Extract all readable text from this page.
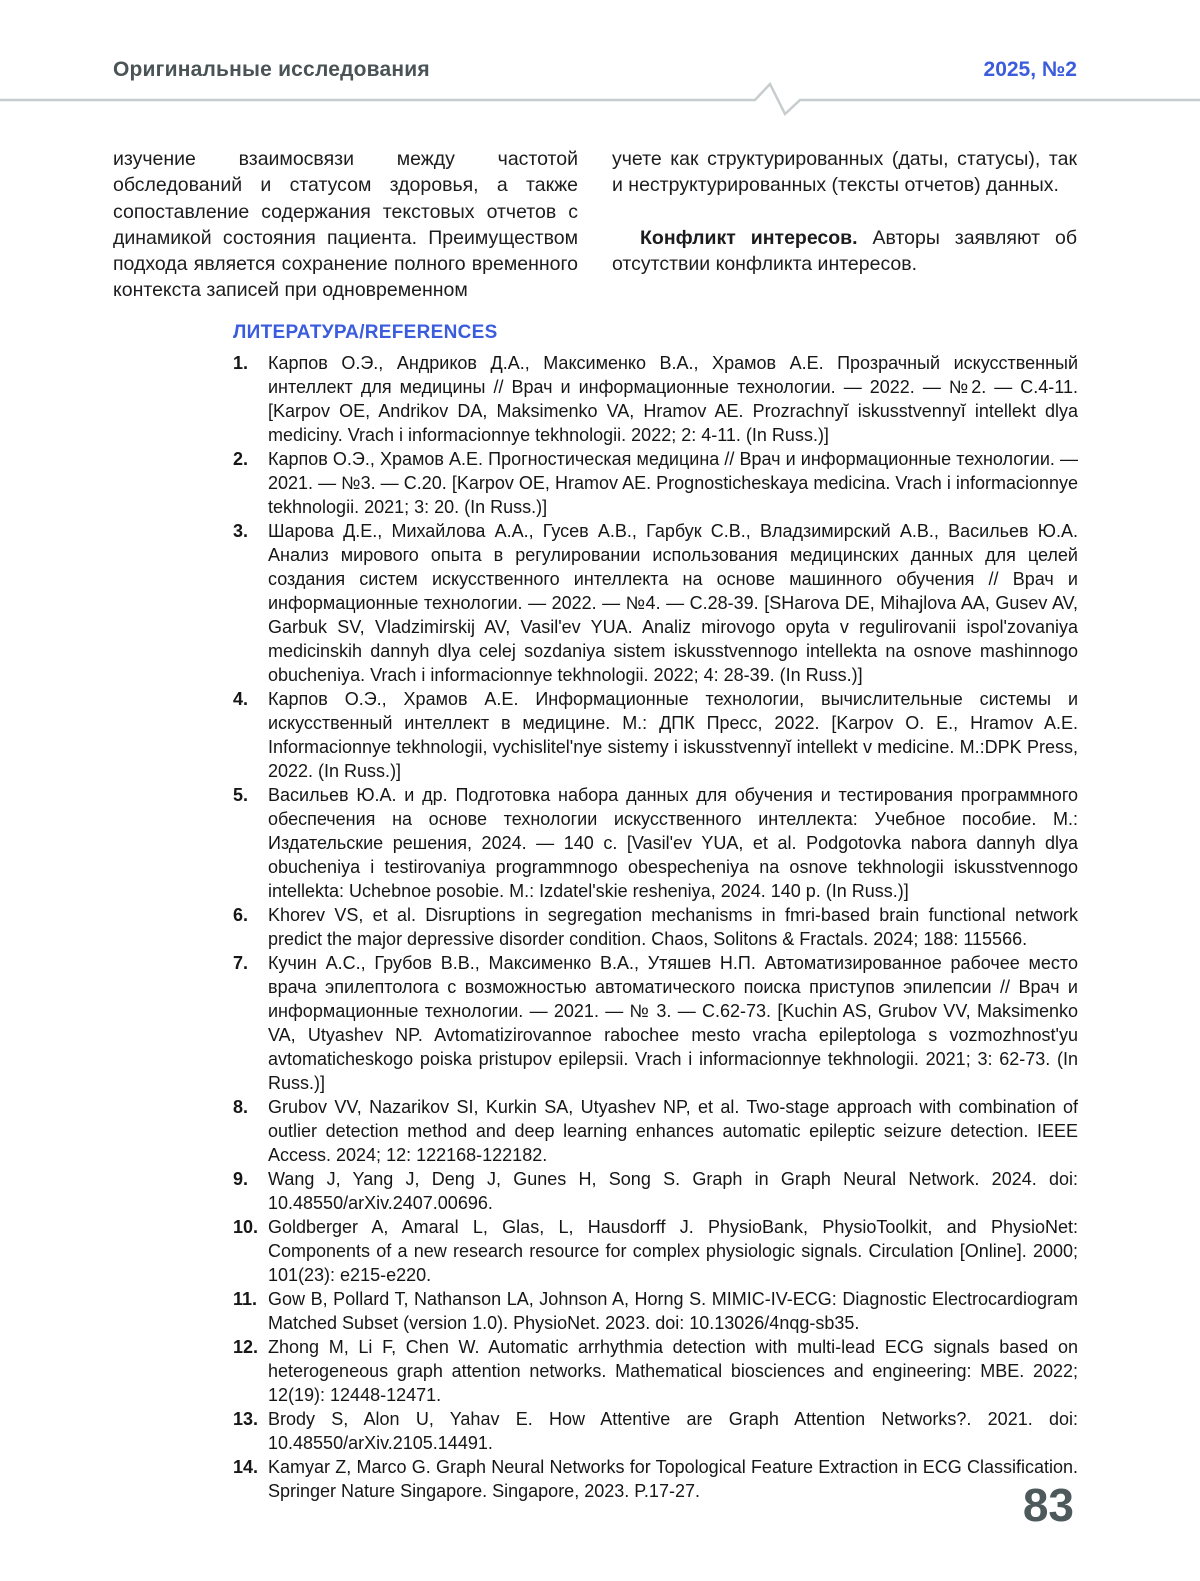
Оригинальные исследования	2025, №2

изучение взаимосвязи между частотой обследований и статусом здоровья, а также сопоставление содержания текстовых отчетов с динамикой состояния пациента. Преимуществом подхода является сохранение полного временного контекста записей при одновременном

учете как структурированных (даты, статусы), так и неструктурированных (тексты отчетов) данных.

Конфликт интересов. Авторы заявляют об отсутствии конфликта интересов.

ЛИТЕРАТУРА/REFERENCES
1.	Карпов О.Э., Андриков Д.А., Максименко В.А., Храмов А.Е. Прозрачный искусственный интеллект для медицины // Врач и информационные технологии. — 2022. — №2. — С.4-11. [Karpov OE, Andrikov DA, Maksimenko VA, Hramov AE. Prozrachnyĭ iskusstvennyĭ intellekt dlya mediciny. Vrach i informacionnye tekhnologii. 2022; 2: 4-11. (In Russ.)]
2.	Карпов О.Э., Храмов А.Е. Прогностическая медицина // Врач и информационные технологии. — 2021. — №3. — С.20. [Karpov OE, Hramov AE. Prognosticheskaya medicina. Vrach i informacionnye tekhnologii. 2021; 3: 20. (In Russ.)]
3.	Шарова Д.Е., Михайлова А.А., Гусев А.В., Гарбук С.В., Владзимирский А.В., Васильев Ю.А. Анализ мирового опыта в регулировании использования медицинских данных для целей создания систем искусственного интеллекта на основе машинного обучения // Врач и информационные технологии. — 2022. — №4. — С.28-39. [SHarova DE, Mihajlova AA, Gusev AV, Garbuk SV, Vladzimirskij AV, Vasil'ev YUA. Analiz mirovogo opyta v regulirovanii ispol'zovaniya medicinskih dannyh dlya celej sozdaniya sistem iskusstvennogo intellekta na osnove mashinnogo obucheniya. Vrach i informacionnye tekhnologii. 2022; 4: 28-39. (In Russ.)]
4.	Карпов О.Э., Храмов А.Е. Информационные технологии, вычислительные системы и искусственный интеллект в медицине. М.: ДПК Пресс, 2022. [Karpov O. E., Hramov A.E. Informacionnye tekhnologii, vychislitel'nye sistemy i iskusstvennyĭ intellekt v medicine. M.:DPK Press, 2022. (In Russ.)]
5.	Васильев Ю.А. и др. Подготовка набора данных для обучения и тестирования программного обеспечения на основе технологии искусственного интеллекта: Учебное пособие. М.: Издательские решения, 2024. — 140 с. [Vasil'ev YUA, et al. Podgotovka nabora dannyh dlya obucheniya i testirovaniya programmnogo obespecheniya na osnove tekhnologii iskusstvennogo intellekta: Uchebnoe posobie. M.: Izdatel'skie resheniya, 2024. 140 p. (In Russ.)]
6.	Khorev VS, et al. Disruptions in segregation mechanisms in fmri-based brain functional network predict the major depressive disorder condition. Chaos, Solitons & Fractals. 2024; 188: 115566.
7.	Кучин А.С., Грубов В.В., Максименко В.А., Утяшев Н.П. Автоматизированное рабочее место врача эпилептолога с возможностью автоматического поиска приступов эпилепсии // Врач и информационные технологии. — 2021. — № 3. — С.62-73. [Kuchin AS, Grubov VV, Maksimenko VA, Utyashev NP. Avtomatizirovannoe rabochee mesto vracha epileptologa s vozmozhnost'yu avtomaticheskogo poiska pristupov epilepsii. Vrach i informacionnye tekhnologii. 2021; 3: 62-73. (In Russ.)]
8.	Grubov VV, Nazarikov SI, Kurkin SA, Utyashev NP, et al. Two-stage approach with combination of outlier detection method and deep learning enhances automatic epileptic seizure detection. IEEE Access. 2024; 12: 122168-122182.
9.	Wang J, Yang J, Deng J, Gunes H, Song S. Graph in Graph Neural Network. 2024. doi: 10.48550/arXiv.2407.00696.
10. Goldberger A, Amaral L, Glas, L, Hausdorff J. PhysioBank, PhysioToolkit, and PhysioNet: Components of a new research resource for complex physiologic signals. Circulation [Online]. 2000; 101(23): e215-e220.
11. Gow B, Pollard T, Nathanson LA, Johnson A, Horng S. MIMIC-IV-ECG: Diagnostic Electrocardiogram Matched Subset (version 1.0). PhysioNet. 2023. doi: 10.13026/4nqg-sb35.
12. Zhong M, Li F, Chen W. Automatic arrhythmia detection with multi-lead ECG signals based on heterogeneous graph attention networks. Mathematical biosciences and engineering: MBE. 2022; 12(19): 12448-12471.
13. Brody S, Alon U, Yahav E. How Attentive are Graph Attention Networks?. 2021. doi: 10.48550/arXiv.2105.14491.
14. Kamyar Z, Marco G. Graph Neural Networks for Topological Feature Extraction in ECG Classification. Springer Nature Singapore. Singapore, 2023. P.17-27.	83
